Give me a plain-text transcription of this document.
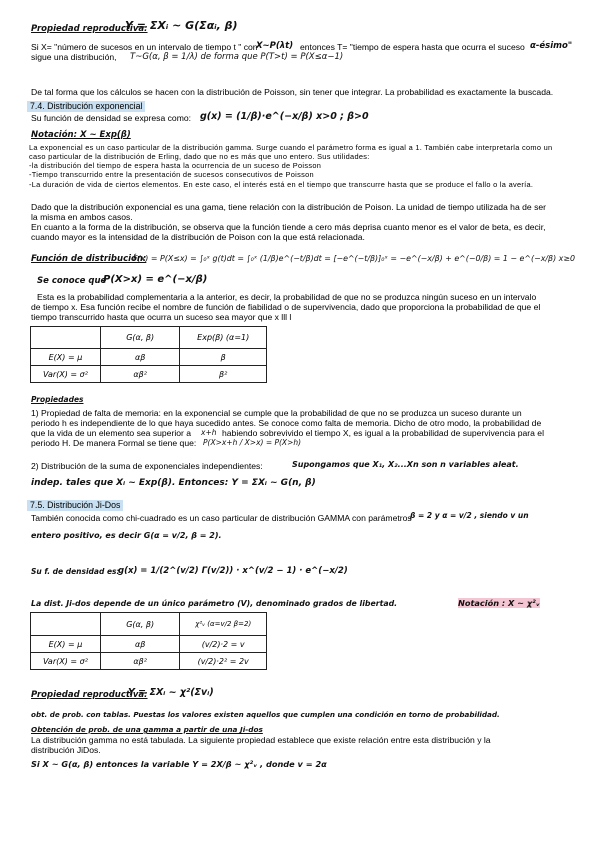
Propiedad reproductiva:
Y = ΣXᵢ ~ G(Σαᵢ, β)
Si X= "número de sucesos en un intervalo de tiempo t " con
X~P(λt) entonces T= "tiempo de espera hasta que ocurra el suceso α-ésimo"
sigue una distribución, T~G(α, β = 1/λ) de forma que P(T>t) = P(X≤α−1)
De tal forma que los cálculos se hacen con la distribución de Poisson, sin tener que integrar. La probabilidad es exactamente la buscada.
7.4. Distribución exponencial
Su función de densidad se expresa como: g(x) = (1/β)·e^(−x/β) x>0 ; β>0
Notación: X ~ Exp(β)
La exponencial es un caso particular de la distribución gamma. Surge cuando el parámetro forma es igual a 1. También cabe interpretarla como un
caso particular de la distribución de Erling, dado que no es más que uno entero. Sus utilidades:
-la distribución del tiempo de espera hasta la ocurrencia de un suceso de Poisson
-Tiempo transcurrido entre la presentación de sucesos consecutivos de Poisson
-La duración de vida de ciertos elementos. En este caso, el interés está en el tiempo que transcurre hasta que se produce el fallo o la avería.
Dado que la distribución exponencial es una gama, tiene relación con la distribución de Poison. La unidad de tiempo utilizada ha de ser
la misma en ambos casos.
En cuanto a la forma de la distribución, se observa que la función tiende a cero más deprisa cuanto menor es el valor de beta, es decir,
cuando mayor es la intensidad de la distribución de Poison con la que está relacionada.
Función de distribución:
F(x) = P(X≤x) = ∫₀ˣ g(t)dt = ∫₀ˣ (1/β)e^(−t/β)dt = [−e^(−t/β)]₀ˣ = −e^(−x/β) + e^(−0/β) = 1 − e^(−x/β) x≥0
Se conoce que
P(X>x) = e^(−x/β)
Esta es la probabilidad complementaria a la anterior, es decir, la probabilidad de que no se produzca ningún suceso en un intervalo
de tiempo x. Esa función recibe el nombre de función de fiabilidad o de supervivencia, dado que proporciona la probabilidad de que el
tiempo transcurrido hasta que ocurra un suceso sea mayor que x lll l
	G(α, β)	Exp(β) (α=1)
E(X) = μ	αβ	β
Var(X) = σ²	αβ²	β²
Propiedades
1) Propiedad de falta de memoria: en la exponencial se cumple que la probabilidad de que no se produzca un suceso durante un
periodo h es independiente de lo que haya sucedido antes. Se conoce como falta de memoria. Dicho de otro modo, la probabilidad de
que la vida de un elemento sea superior a x+h habiendo sobrevivido el tiempo X, es igual a la probabilidad de supervivencia para el
periodo H. De manera Formal se tiene que: P(X>x+h / X>x) = P(X>h)
2) Distribución de la suma de exponenciales independientes:	Supongamos que X₁, X₂...Xn son n variables aleat.
indep. tales que Xᵢ ~ Exp(β). Entonces: Y = ΣXᵢ ~ G(n, β)
7.5. Distribución Ji-Dos
También conocida como chi-cuadrado es un caso particular de distribución GAMMA con parámetros
β = 2 y α = v/2 , siendo v un
entero positivo, es decir G(α = v/2, β = 2).
Su f. de densidad es:
g(x) = 1/(2^(v/2) Γ(v/2)) · x^(v/2 − 1) · e^(−x/2)
La dist. Ji-dos depende de un único parámetro (V), denominado grados de libertad.	Notación : X ~ χ²ᵥ
	G(α, β)	χ²ᵥ (α=v/2 β=2)
E(X) = μ	αβ	(v/2)·2 = v
Var(X) = σ²	αβ²	(v/2)·2² = 2v
Propiedad reproductiva:
Y = ΣXᵢ ~ χ²(Σvᵢ)
obt. de prob. con tablas. Puestas los valores existen aquellos que cumplen una condición en torno de probabilidad.
Obtención de prob. de una gamma a partir de una Ji-dos
La distribución gamma no está tabulada. La siguiente propiedad establece que existe relación entre esta distribución y la
distribución JiDos.
Si X ~ G(α, β) entonces la variable Y = 2X/β ~ χ²ᵥ , donde v = 2α
